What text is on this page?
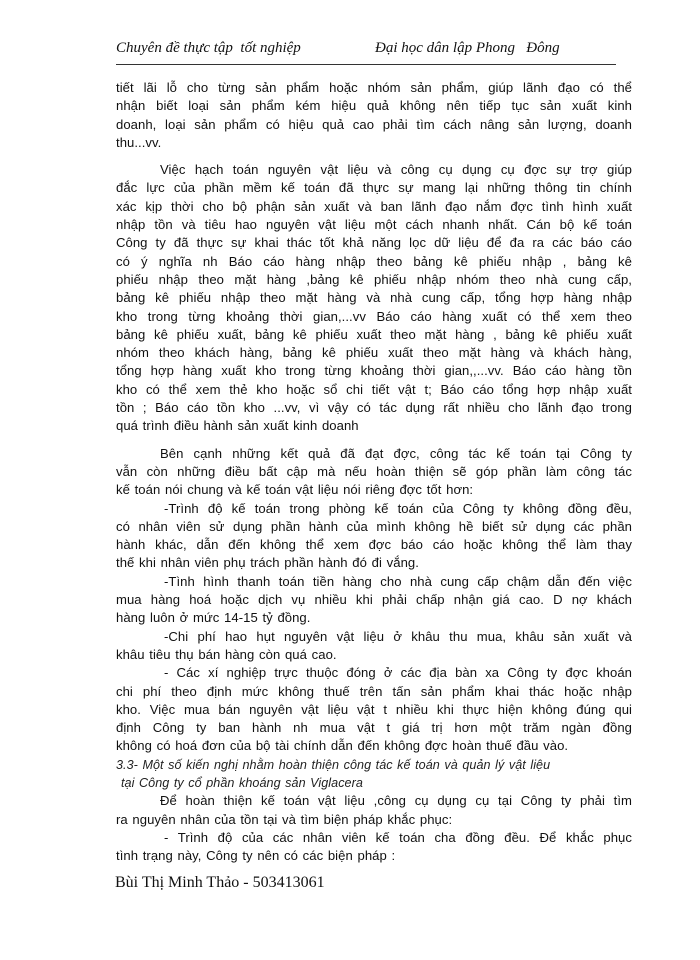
Chuyên đề thực tập  tốt nghiệp	Đại học dân lập Phong   Đông
tiết lãi lỗ cho từng sản phẩm hoặc nhóm sản phẩm, giúp lãnh đạo có thể
nhận biết loại sản phẩm kém hiệu quả không nên tiếp tục sản xuất kinh
doanh, loại sản phẩm có hiệu quả cao phải tìm cách nâng sản lượng, doanh
thu...vv.
Việc hạch toán nguyên vật liệu và công cụ dụng cụ đợc sự trợ giúp
đắc lực của phần mềm kế toán đã thực sự mang lại những thông tin chính
xác kịp thời cho bộ phận sản xuất và ban lãnh đạo nắm đợc tình hình xuất
nhập tồn và tiêu hao nguyên vật liệu một cách nhanh nhất. Cán bộ kế toán
Công ty đã thực sự khai thác tốt khả năng lọc dữ liệu để đa ra các báo cáo
có ý nghĩa nh Báo cáo hàng nhập theo bảng kê phiếu nhập , bảng kê
phiếu nhập theo mặt hàng ,bảng kê phiếu nhập nhóm theo nhà cung cấp,
bảng kê phiếu nhập theo mặt hàng và nhà cung cấp, tổng hợp hàng nhập
kho trong từng khoảng thời gian,...vv Báo cáo hàng xuất có thể xem theo
bảng kê phiếu xuất, bảng kê phiếu xuất theo mặt hàng , bảng kê phiếu xuất
nhóm theo khách hàng, bảng kê phiếu xuất theo mặt hàng và khách hàng,
tổng hợp hàng xuất kho trong từng khoảng thời gian,,...vv. Báo cáo hàng tồn
kho có thể xem thẻ kho hoặc sổ chi tiết vật t; Báo cáo tổng hợp nhập xuất
tồn ; Báo cáo tồn kho ...vv, vì vậy có tác dụng rất nhiều cho lãnh đạo trong
quá trình điều hành sản xuất kinh doanh
Bên cạnh những kết quả đã đạt đợc, công tác kế toán tại Công ty
vẫn còn những điều bất cập mà nếu hoàn thiện sẽ góp phần làm công tác
kế toán nói chung và kế toán vật liệu nói riêng đợc tốt hơn:
-Trình độ kế toán trong phòng kế toán của Công ty không đồng đều,
có nhân viên sử dụng phần hành của mình không hề biết sử dụng các phần
hành khác, dẫn đến không thể xem đợc báo cáo hoặc không thể làm thay
thế khi nhân viên phụ trách phần hành đó đi vắng.
-Tình hình thanh toán tiền hàng cho nhà cung cấp chậm dẫn đến việc
mua hàng hoá hoặc dịch vụ nhiều khi phải chấp nhận giá cao. D nợ khách
hàng luôn ở mức 14-15 tỷ đồng.
-Chi phí hao hụt nguyên vật liệu ở khâu thu mua, khâu sản xuất và
khâu tiêu thụ bán hàng còn quá cao.
- Các xí nghiệp trực thuộc đóng ở các địa bàn xa Công ty đợc khoán
chi phí theo định mức không thuế trên tấn sản phẩm khai thác hoặc nhập
kho. Việc mua bán nguyên vật liệu vật t nhiều khi thực hiện không đúng qui
định Công ty ban hành nh mua vật t giá trị hơn một trăm ngàn đồng
không có hoá đơn của bộ tài chính dẫn đến không đợc hoàn thuế đầu vào.
3.3- Một số kiến nghị nhằm hoàn thiện công tác kế toán và quản lý vật liệu
tại Công ty cổ phần khoáng sản Viglacera
Để hoàn thiện kế toán vật liệu ,công cụ dụng cụ tại Công ty phải tìm
ra nguyên nhân của tồn tại và tìm biện pháp khắc phục:
- Trình độ của các nhân viên kế toán cha đồng đều. Để khắc phục
tình trạng này, Công ty nên có các biện pháp :
Bùi Thị Minh Thảo - 503413061
